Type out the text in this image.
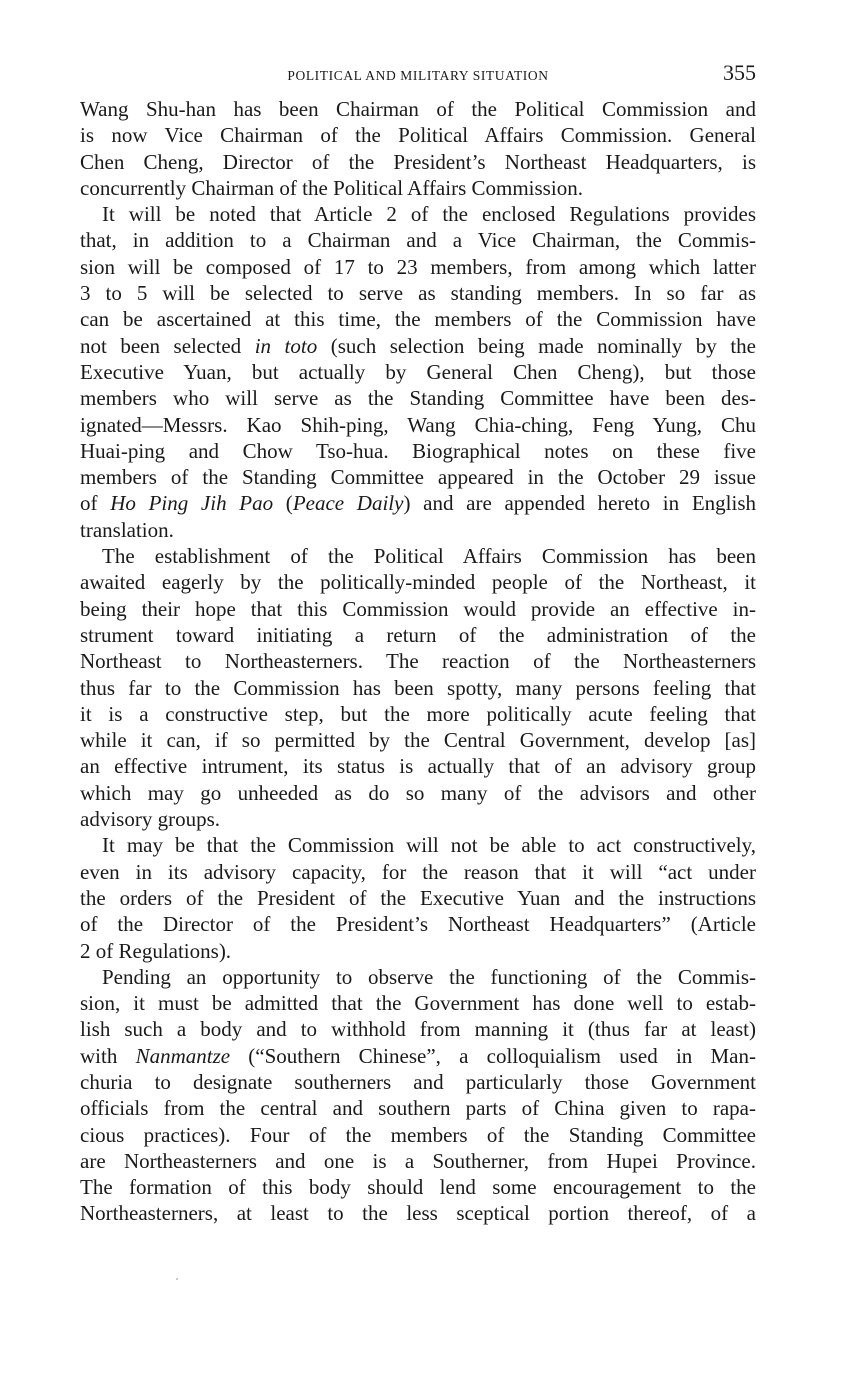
POLITICAL AND MILITARY SITUATION	355
Wang Shu-han has been Chairman of the Political Commission and
is now Vice Chairman of the Political Affairs Commission. General
Chen Cheng, Director of the President’s Northeast Headquarters, is
concurrently Chairman of the Political Affairs Commission.
It will be noted that Article 2 of the enclosed Regulations provides
that, in addition to a Chairman and a Vice Chairman, the Commis-
sion will be composed of 17 to 23 members, from among which latter
3 to 5 will be selected to serve as standing members. In so far as
can be ascertained at this time, the members of the Commission have
not been selected in toto (such selection being made nominally by the
Executive Yuan, but actually by General Chen Cheng), but those
members who will serve as the Standing Committee have been des-
ignated—Messrs. Kao Shih-ping, Wang Chia-ching, Feng Yung, Chu
Huai-ping and Chow Tso-hua. Biographical notes on these five
members of the Standing Committee appeared in the October 29 issue
of Ho Ping Jih Pao (Peace Daily) and are appended hereto in English
translation.
The establishment of the Political Affairs Commission has been
awaited eagerly by the politically-minded people of the Northeast, it
being their hope that this Commission would provide an effective in-
strument toward initiating a return of the administration of the
Northeast to Northeasterners. The reaction of the Northeasterners
thus far to the Commission has been spotty, many persons feeling that
it is a constructive step, but the more politically acute feeling that
while it can, if so permitted by the Central Government, develop [as]
an effective intrument, its status is actually that of an advisory group
which may go unheeded as do so many of the advisors and other
advisory groups.
It may be that the Commission will not be able to act constructively,
even in its advisory capacity, for the reason that it will “act under
the orders of the President of the Executive Yuan and the instructions
of the Director of the President’s Northeast Headquarters” (Article
2 of Regulations).
Pending an opportunity to observe the functioning of the Commis-
sion, it must be admitted that the Government has done well to estab-
lish such a body and to withhold from manning it (thus far at least)
with Nanmantze (“Southern Chinese”, a colloquialism used in Man-
churia to designate southerners and particularly those Government
officials from the central and southern parts of China given to rapa-
cious practices). Four of the members of the Standing Committee
are Northeasterners and one is a Southerner, from Hupei Province.
The formation of this body should lend some encouragement to the
Northeasterners, at least to the less sceptical portion thereof, of a
